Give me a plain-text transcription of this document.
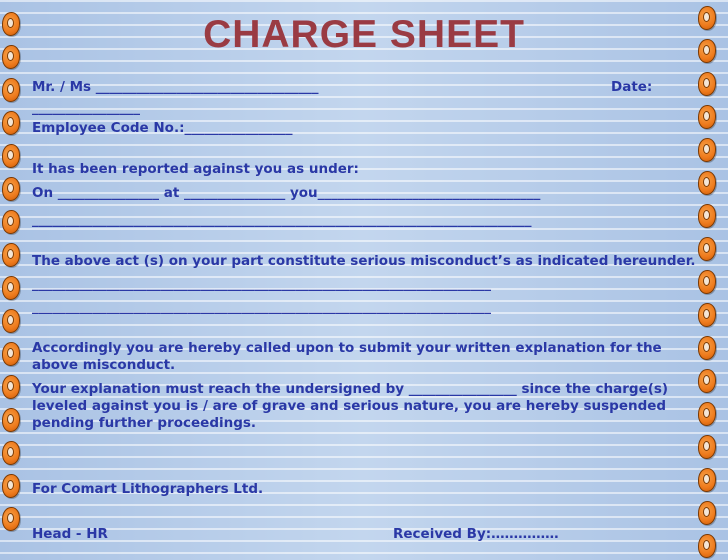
CHARGE SHEET
Mr. / Ms _________________________________	Date:
________________
Employee Code No.:________________
It has been reported against you as under:
On _______________ at _______________ you_________________________________
__________________________________________________________________________
The above act (s) on your part constitute serious misconduct’s as indicated hereunder.
____________________________________________________________________
____________________________________________________________________
Accordingly you are hereby called upon to submit your written explanation for the
above misconduct.
Your explanation must reach the undersigned by ________________ since the charge(s)
leveled against you is / are of grave and serious nature, you are hereby suspended
pending further proceedings.
For Comart Lithographers Ltd.
Head - HR	Received By:……………
